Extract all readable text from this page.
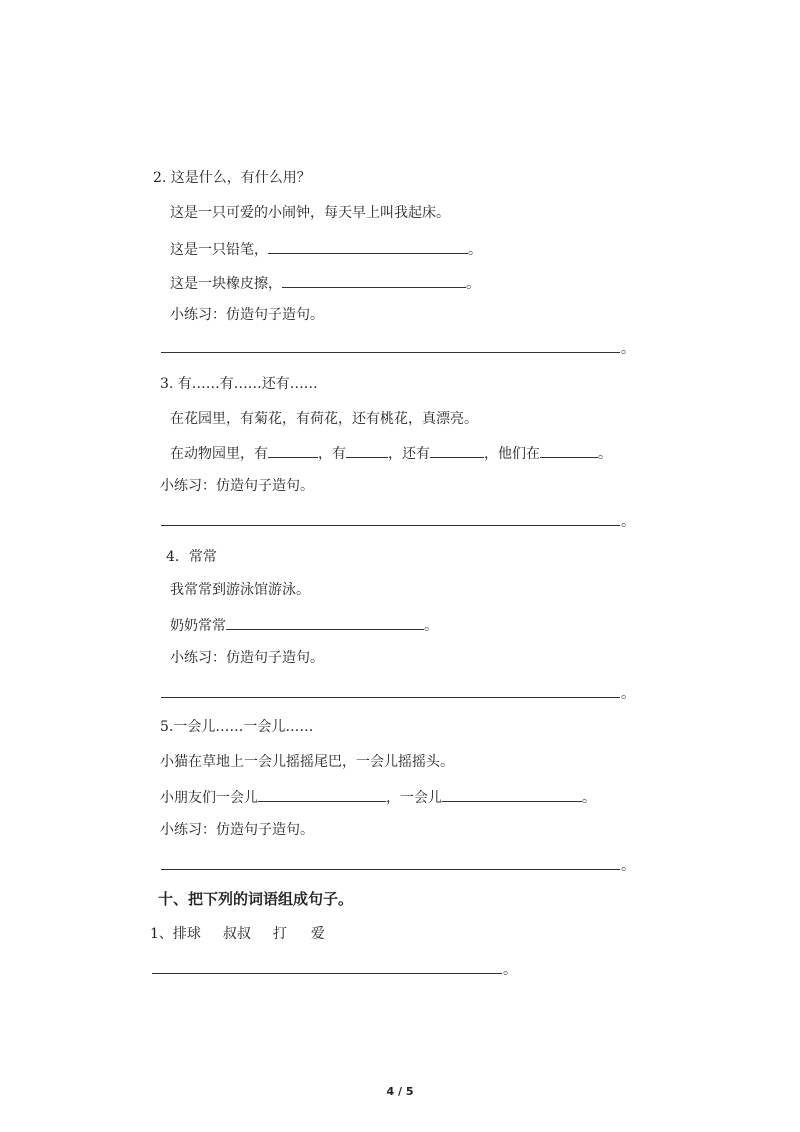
2. 这是什么，有什么用？
这是一只可爱的小闹钟，每天早上叫我起床。
这是一只铅笔，	。
这是一块橡皮擦，	。
小练习：仿造句子造句。
。
3. 有……有……还有……
在花园里，有菊花，有荷花，还有桃花，真漂亮。
在动物园里，有	，有	，还有	，他们在	。
小练习：仿造句子造句。
。
4．常常
我常常到游泳馆游泳。
奶奶常常	。
小练习：仿造句子造句。
。
5.一会儿……一会儿……
小猫在草地上一会儿摇摇尾巴，一会儿摇摇头。
小朋友们一会儿	，一会儿	。
小练习：仿造句子造句。
。
十、把下列的词语组成句子。
1、排球 叔叔 打 爱
。
4 / 5
